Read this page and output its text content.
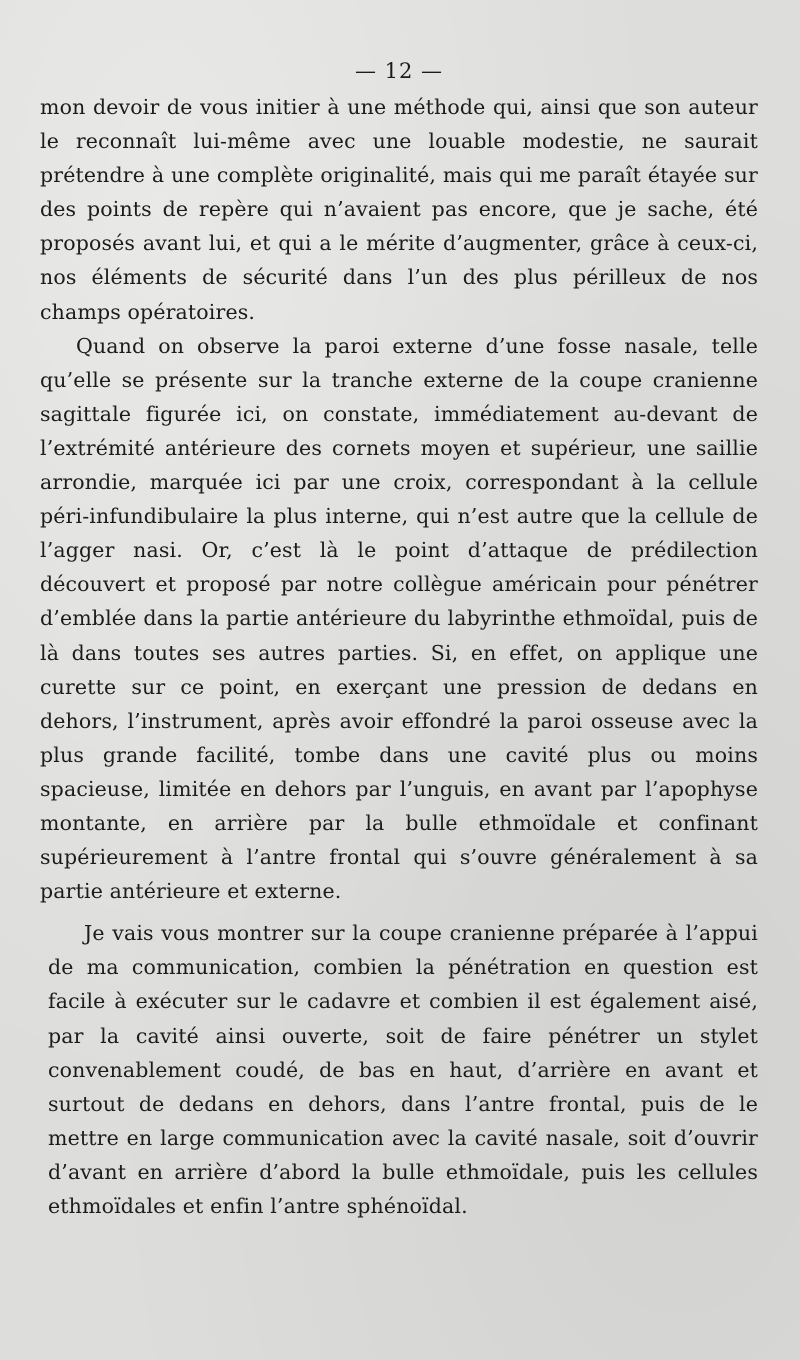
— 12 —

mon devoir de vous initier à une méthode qui, ainsi que son auteur le reconnaît lui-même avec une louable modestie, ne saurait prétendre à une complète originalité, mais qui me paraît étayée sur des points de repère qui n’avaient pas encore, que je sache, été proposés avant lui, et qui a le mérite d’augmenter, grâce à ceux-ci, nos éléments de sécurité dans l’un des plus périlleux de nos champs opératoires.

Quand on observe la paroi externe d’une fosse nasale, telle qu’elle se présente sur la tranche externe de la coupe cranienne sagittale figurée ici, on constate, immédiatement au-devant de l’extrémité antérieure des cornets moyen et supérieur, une saillie arrondie, marquée ici par une croix, correspondant à la cellule péri-infundibulaire la plus interne, qui n’est autre que la cellule de l’agger nasi. Or, c’est là le point d’attaque de prédilection découvert et proposé par notre collègue américain pour pénétrer d’emblée dans la partie antérieure du labyrinthe ethmoïdal, puis de là dans toutes ses autres parties. Si, en effet, on applique une curette sur ce point, en exerçant une pression de dedans en dehors, l’instrument, après avoir effondré la paroi osseuse avec la plus grande facilité, tombe dans une cavité plus ou moins spacieuse, limitée en dehors par l’unguis, en avant par l’apophyse montante, en arrière par la bulle ethmoïdale et confinant supérieurement à l’antre frontal qui s’ouvre généralement à sa partie antérieure et externe.

Je vais vous montrer sur la coupe cranienne préparée à l’appui de ma communication, combien la pénétration en question est facile à exécuter sur le cadavre et combien il est également aisé, par la cavité ainsi ouverte, soit de faire pénétrer un stylet convenablement coudé, de bas en haut, d’arrière en avant et surtout de dedans en dehors, dans l’antre frontal, puis de le mettre en large communication avec la cavité nasale, soit d’ouvrir d’avant en arrière d’abord la bulle ethmoïdale, puis les cellules ethmoïdales et enfin l’antre sphénoïdal.
